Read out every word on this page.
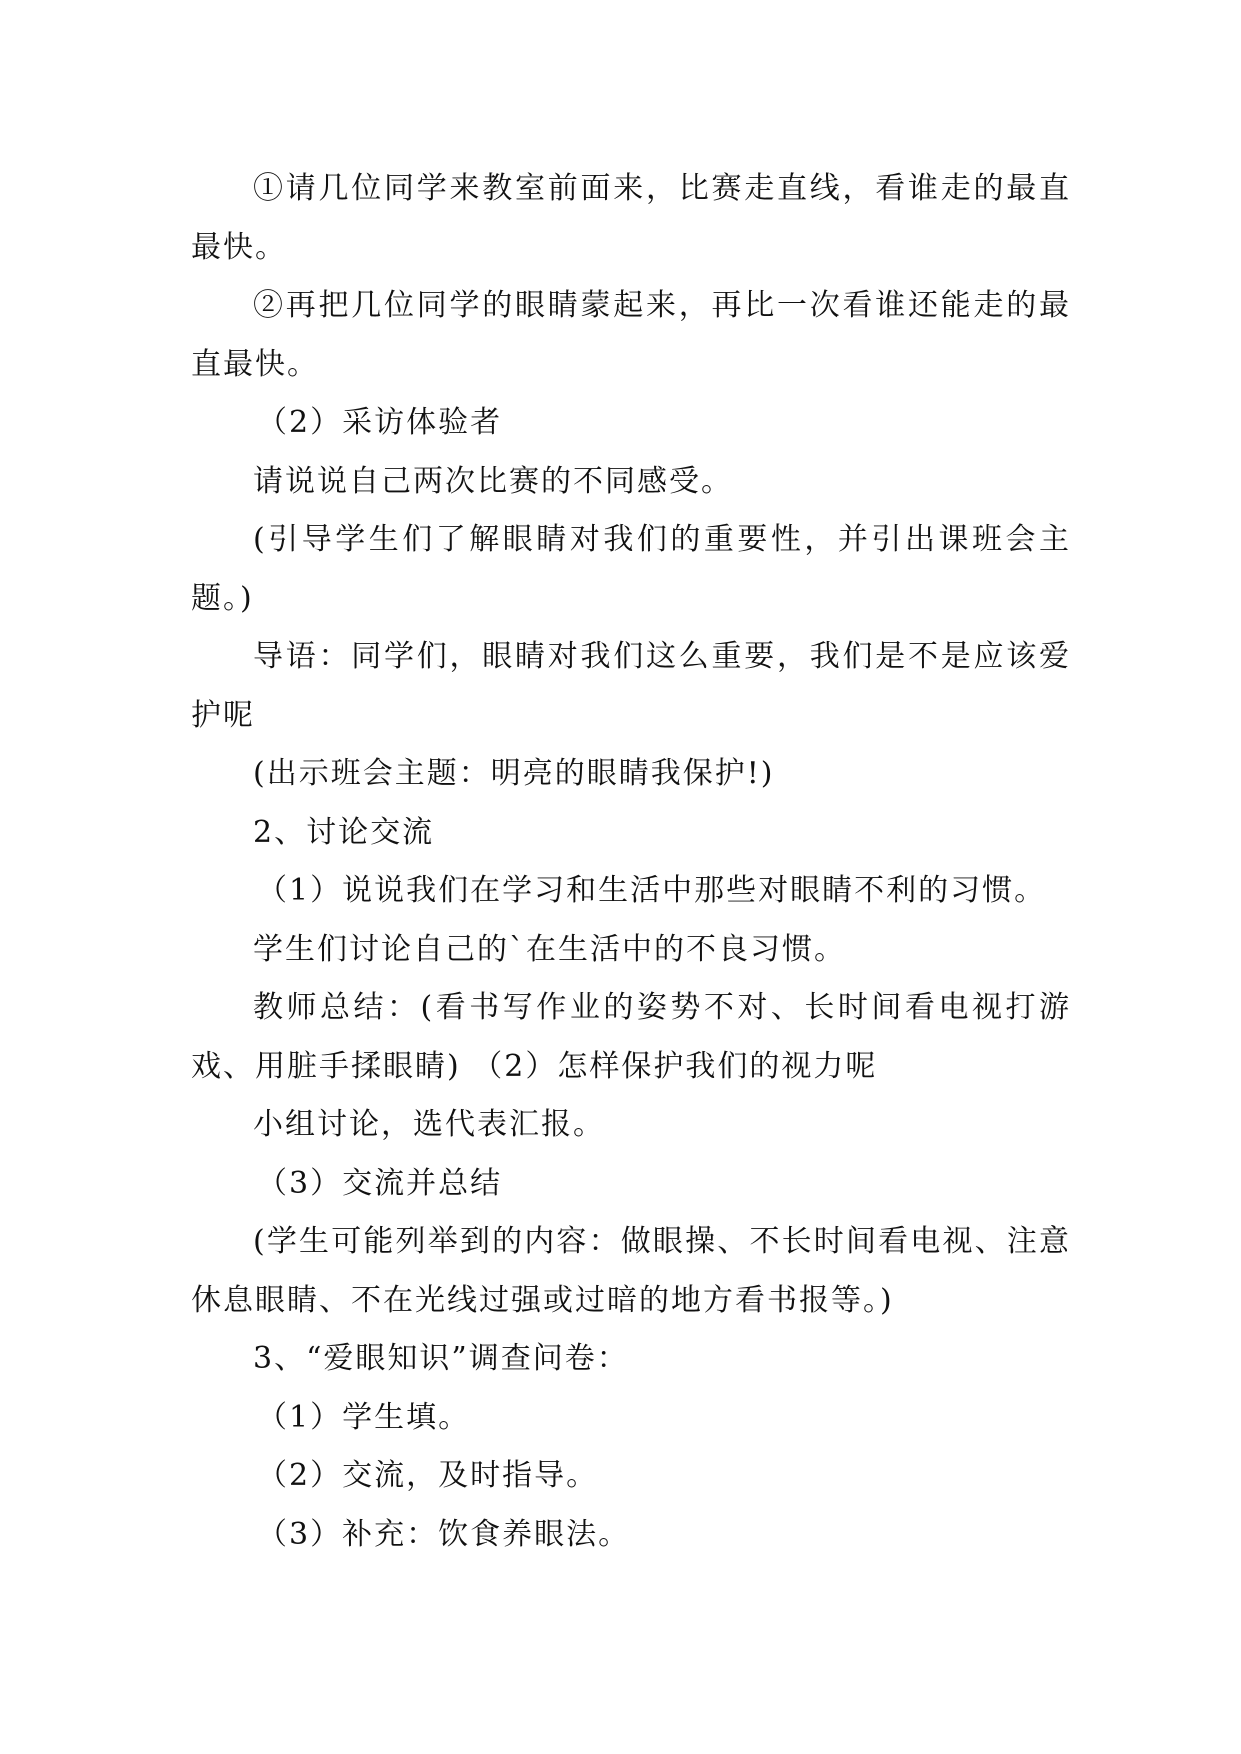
①请几位同学来教室前面来，比赛走直线，看谁走的最直最快。

②再把几位同学的眼睛蒙起来，再比一次看谁还能走的最直最快。

（2）采访体验者

请说说自己两次比赛的不同感受。

(引导学生们了解眼睛对我们的重要性，并引出课班会主题。)

导语：同学们，眼睛对我们这么重要，我们是不是应该爱护呢

(出示班会主题：明亮的眼睛我保护!)

2、讨论交流

（1）说说我们在学习和生活中那些对眼睛不利的习惯。

学生们讨论自己的`在生活中的不良习惯。

教师总结：(看书写作业的姿势不对、长时间看电视打游戏、用脏手揉眼睛) （2）怎样保护我们的视力呢

小组讨论，选代表汇报。

（3）交流并总结

(学生可能列举到的内容：做眼操、不长时间看电视、注意休息眼睛、不在光线过强或过暗的地方看书报等。)

3、“爱眼知识”调查问卷：

（1）学生填。

（2）交流，及时指导。

（3）补充：饮食养眼法。
